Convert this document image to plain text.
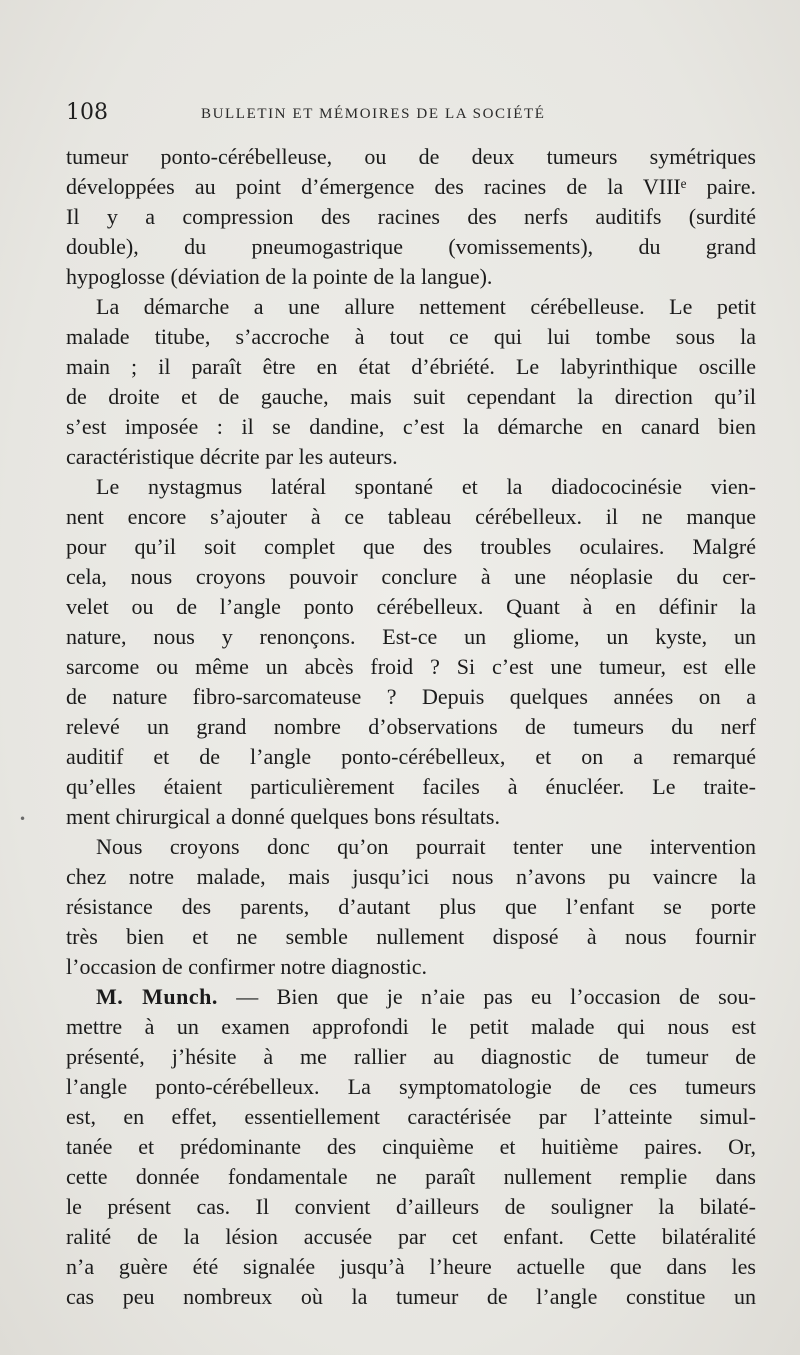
108	BULLETIN ET MÉMOIRES DE LA SOCIÉTÉ
•
tumeur ponto-cérébelleuse, ou de deux tumeurs symétriques
développées au point d’émergence des racines de la VIIIᵉ paire.
Il y a compression des racines des nerfs auditifs (surdité
double), du pneumogastrique (vomissements), du grand
hypoglosse (déviation de la pointe de la langue).
La démarche a une allure nettement cérébelleuse. Le petit
malade titube, s’accroche à tout ce qui lui tombe sous la
main ; il paraît être en état d’ébriété. Le labyrinthique oscille
de droite et de gauche, mais suit cependant la direction qu’il
s’est imposée : il se dandine, c’est la démarche en canard bien
caractéristique décrite par les auteurs.
Le nystagmus latéral spontané et la diadococinésie vien-
nent encore s’ajouter à ce tableau cérébelleux. il ne manque
pour qu’il soit complet que des troubles oculaires. Malgré
cela, nous croyons pouvoir conclure à une néoplasie du cer-
velet ou de l’angle ponto cérébelleux. Quant à en définir la
nature, nous y renonçons. Est-ce un gliome, un kyste, un
sarcome ou même un abcès froid ? Si c’est une tumeur, est elle
de nature fibro-sarcomateuse ? Depuis quelques années on a
relevé un grand nombre d’observations de tumeurs du nerf
auditif et de l’angle ponto-cérébelleux, et on a remarqué
qu’elles étaient particulièrement faciles à énucléer. Le traite-
ment chirurgical a donné quelques bons résultats.
Nous croyons donc qu’on pourrait tenter une intervention
chez notre malade, mais jusqu’ici nous n’avons pu vaincre la
résistance des parents, d’autant plus que l’enfant se porte
très bien et ne semble nullement disposé à nous fournir
l’occasion de confirmer notre diagnostic.
M. Munch. — Bien que je n’aie pas eu l’occasion de sou-
mettre à un examen approfondi le petit malade qui nous est
présenté, j’hésite à me rallier au diagnostic de tumeur de
l’angle ponto-cérébelleux. La symptomatologie de ces tumeurs
est, en effet, essentiellement caractérisée par l’atteinte simul-
tanée et prédominante des cinquième et huitième paires. Or,
cette donnée fondamentale ne paraît nullement remplie dans
le présent cas. Il convient d’ailleurs de souligner la bilaté-
ralité de la lésion accusée par cet enfant. Cette bilatéralité
n’a guère été signalée jusqu’à l’heure actuelle que dans les
cas peu nombreux où la tumeur de l’angle constitue un
